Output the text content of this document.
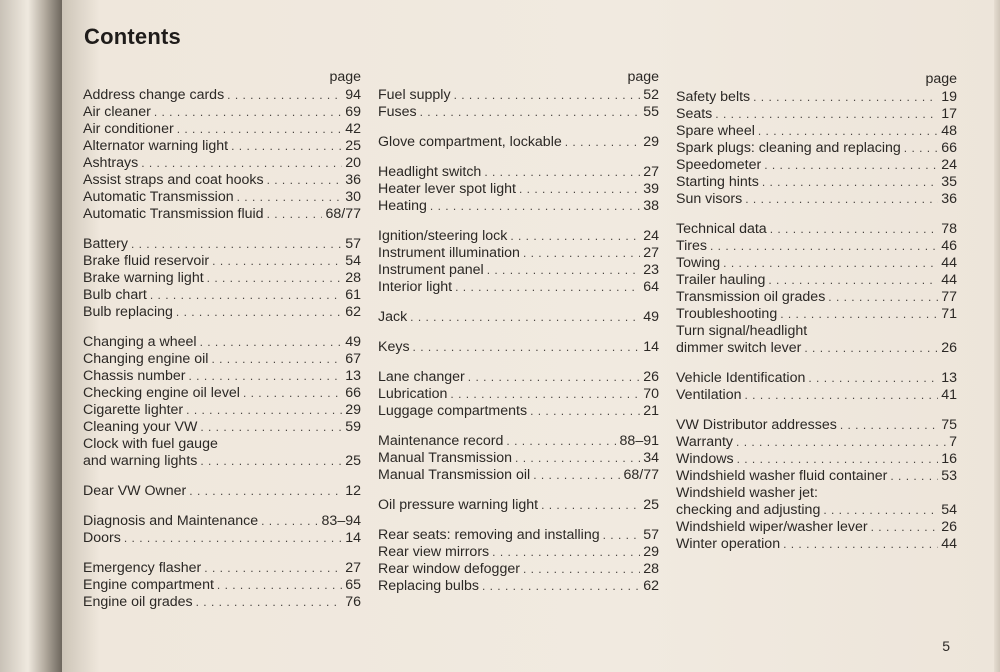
Contents
page
Address change cards . . .	94
Air cleaner . . .	69
Air conditioner . . .	42
Alternator warning light . . .	25
Ashtrays . . .	20
Assist straps and coat hooks . . .	36
Automatic Transmission . . .	30
Automatic Transmission fluid . . .	68/77
Battery . . .	57
Brake fluid reservoir . . .	54
Brake warning light . . .	28
Bulb chart . . .	61
Bulb replacing . . .	62
Changing a wheel . . .	49
Changing engine oil . . .	67
Chassis number . . .	13
Checking engine oil level . . .	66
Cigarette lighter . . .	29
Cleaning your VW . . .	59
Clock with fuel gauge
and warning lights . . .	25
Dear VW Owner . . .	12
Diagnosis and Maintenance . . .	83–94
Doors . . .	14
Emergency flasher . . .	27
Engine compartment . . .	65
Engine oil grades . . .	76
page
Fuel supply . . .	52
Fuses . . .	55
Glove compartment, lockable . . .	29
Headlight switch . . .	27
Heater lever spot light . . .	39
Heating . . .	38
Ignition/steering lock . . .	24
Instrument illumination . . .	27
Instrument panel . . .	23
Interior light . . .	64
Jack . . .	49
Keys . . .	14
Lane changer . . .	26
Lubrication . . .	70
Luggage compartments . . .	21
Maintenance record . . .	88–91
Manual Transmission . . .	34
Manual Transmission oil . . .	68/77
Oil pressure warning light . . .	25
Rear seats: removing and installing . . .	57
Rear view mirrors . . .	29
Rear window defogger . . .	28
Replacing bulbs . . .	62
page
Safety belts . . .	19
Seats . . .	17
Spare wheel . . .	48
Spark plugs: cleaning and replacing . . .	66
Speedometer . . .	24
Starting hints . . .	35
Sun visors . . .	36
Technical data . . .	78
Tires . . .	46
Towing . . .	44
Trailer hauling . . .	44
Transmission oil grades . . .	77
Troubleshooting . . .	71
Turn signal/headlight
dimmer switch lever . . .	26
Vehicle Identification . . .	13
Ventilation . . .	41
VW Distributor addresses . . .	75
Warranty . . .	7
Windows . . .	16
Windshield washer fluid container . . .	53
Windshield washer jet:
checking and adjusting . . .	54
Windshield wiper/washer lever . . .	26
Winter operation . . .	44
5
